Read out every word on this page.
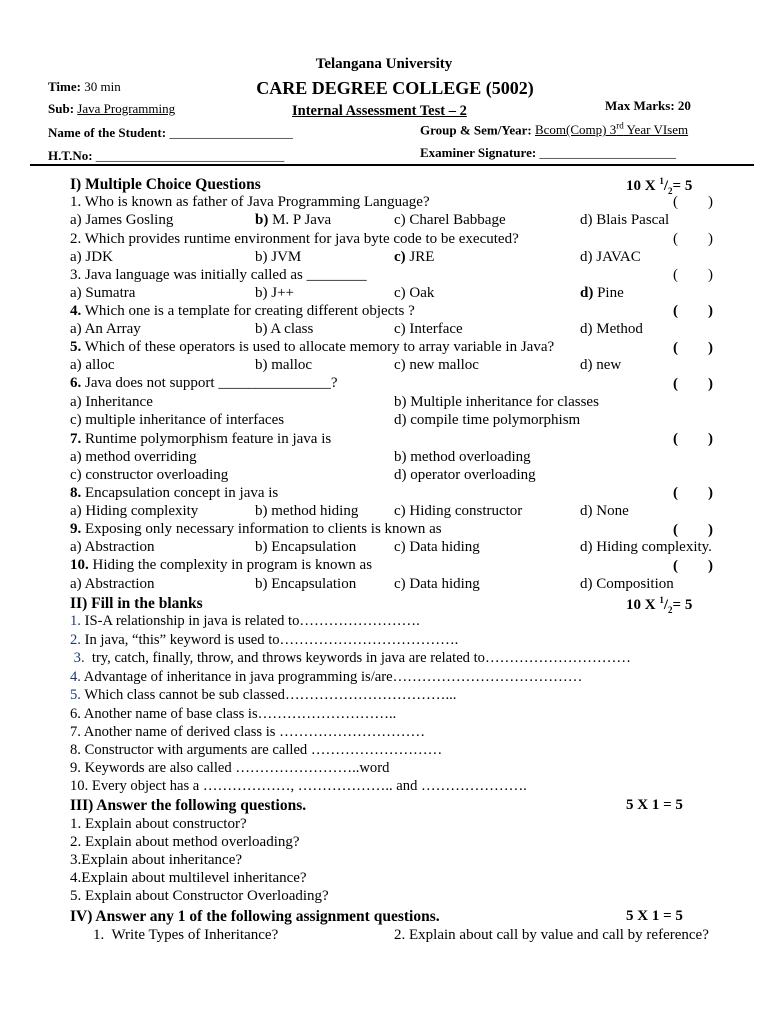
Telangana University
CARE DEGREE COLLEGE (5002)
Internal Assessment Test – 2
Time: 30 min
Sub: Java Programming	Max Marks: 20
Name of the Student: ___________________	Group & Sem/Year: Bcom(Comp) 3rd Year VIsem
H.T.No: _____________________________	Examiner Signature: _____________________
I) Multiple Choice Questions	10 X $^1/_2= 5$
1. Who is known as father of Java Programming Language?	(        )
a) James Gosling	b) M. P Java	c) Charel Babbage	d) Blais Pascal
2. Which provides runtime environment for java byte code to be executed?	(        )
a) JDK	b) JVM	c) JRE	d) JAVAC
3. Java language was initially called as ________	(        )
a) Sumatra	b) J++	c) Oak	d) Pine
4. Which one is a template for creating different objects ?	(        )
a) An Array	b) A class	c) Interface	d) Method
5. Which of these operators is used to allocate memory to array variable in Java?	(        )
a) alloc	b) malloc	c) new malloc	d) new
6. Java does not support _______________?	(        )
a) Inheritance	b) Multiple inheritance for classes
c) multiple inheritance of interfaces	d) compile time polymorphism
7. Runtime polymorphism feature in java is	(        )
a) method overriding	b) method overloading
c) constructor overloading	d) operator overloading
8. Encapsulation concept in java is	(        )
a) Hiding complexity	b) method hiding c) Hiding constructor	d) None
9. Exposing only necessary information to clients is known as	(        )
a) Abstraction	b) Encapsulation	c) Data hiding	d) Hiding complexity.
10. Hiding the complexity in program is known as	(        )
a) Abstraction	b) Encapsulation	c) Data hiding	d) Composition
II) Fill in the blanks	10 X $^1/_2= 5$
1. IS-A relationship in java is related to…………………….
2. In java, “this” keyword is used to……………………………….
3.  try, catch, finally, throw, and throws keywords in java are related to…………………………
4. Advantage of inheritance in java programming is/are…………………………………
5. Which class cannot be sub classed……………………………...
6. Another name of base class is………………………..
7. Another name of derived class is …………………………
8. Constructor with arguments are called ………………………
9. Keywords are also called ……………………..word
10. Every object has a ………………, ……………….. and ………………….
III) Answer the following questions.	5 X 1 = 5
1. Explain about constructor?
2. Explain about method overloading?
3.Explain about inheritance?
4.Explain about multilevel inheritance?
5. Explain about Constructor Overloading?
IV) Answer any 1 of the following assignment questions.	5 X 1 = 5
1.  Write Types of Inheritance?	2. Explain about call by value and call by reference?
